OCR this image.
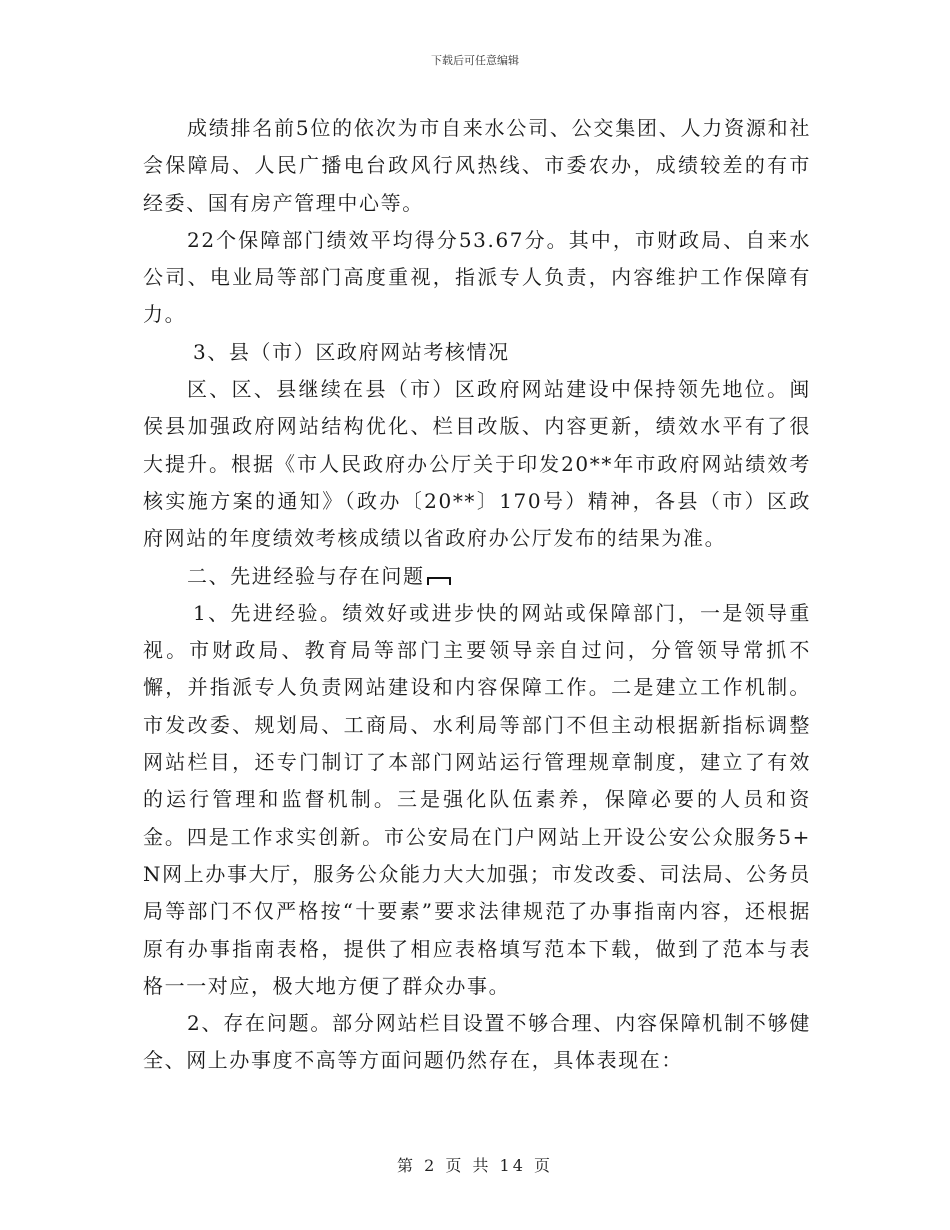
下载后可任意编辑

成绩排名前5位的依次为市自来水公司、公交集团、人力资源和社会保障局、人民广播电台政风行风热线、市委农办，成绩较差的有市经委、国有房产管理中心等。

22个保障部门绩效平均得分53.67分。其中，市财政局、自来水公司、电业局等部门高度重视，指派专人负责，内容维护工作保障有力。

3、县（市）区政府网站考核情况

区、区、县继续在县（市）区政府网站建设中保持领先地位。闽侯县加强政府网站结构优化、栏目改版、内容更新，绩效水平有了很大提升。根据《市人民政府办公厅关于印发20**年市政府网站绩效考核实施方案的通知》（政办〔20**〕170号）精神，各县（市）区政府网站的年度绩效考核成绩以省政府办公厅发布的结果为准。

二、先进经验与存在问题

1、先进经验。绩效好或进步快的网站或保障部门，一是领导重视。市财政局、教育局等部门主要领导亲自过问，分管领导常抓不懈，并指派专人负责网站建设和内容保障工作。二是建立工作机制。市发改委、规划局、工商局、水利局等部门不但主动根据新指标调整网站栏目，还专门制订了本部门网站运行管理规章制度，建立了有效的运行管理和监督机制。三是强化队伍素养，保障必要的人员和资金。四是工作求实创新。市公安局在门户网站上开设公安公众服务5+N网上办事大厅，服务公众能力大大加强；市发改委、司法局、公务员局等部门不仅严格按“十要素”要求法律规范了办事指南内容，还根据原有办事指南表格，提供了相应表格填写范本下载，做到了范本与表格一一对应，极大地方便了群众办事。

2、存在问题。部分网站栏目设置不够合理、内容保障机制不够健全、网上办事度不高等方面问题仍然存在，具体表现在：

第 2 页 共 14 页
